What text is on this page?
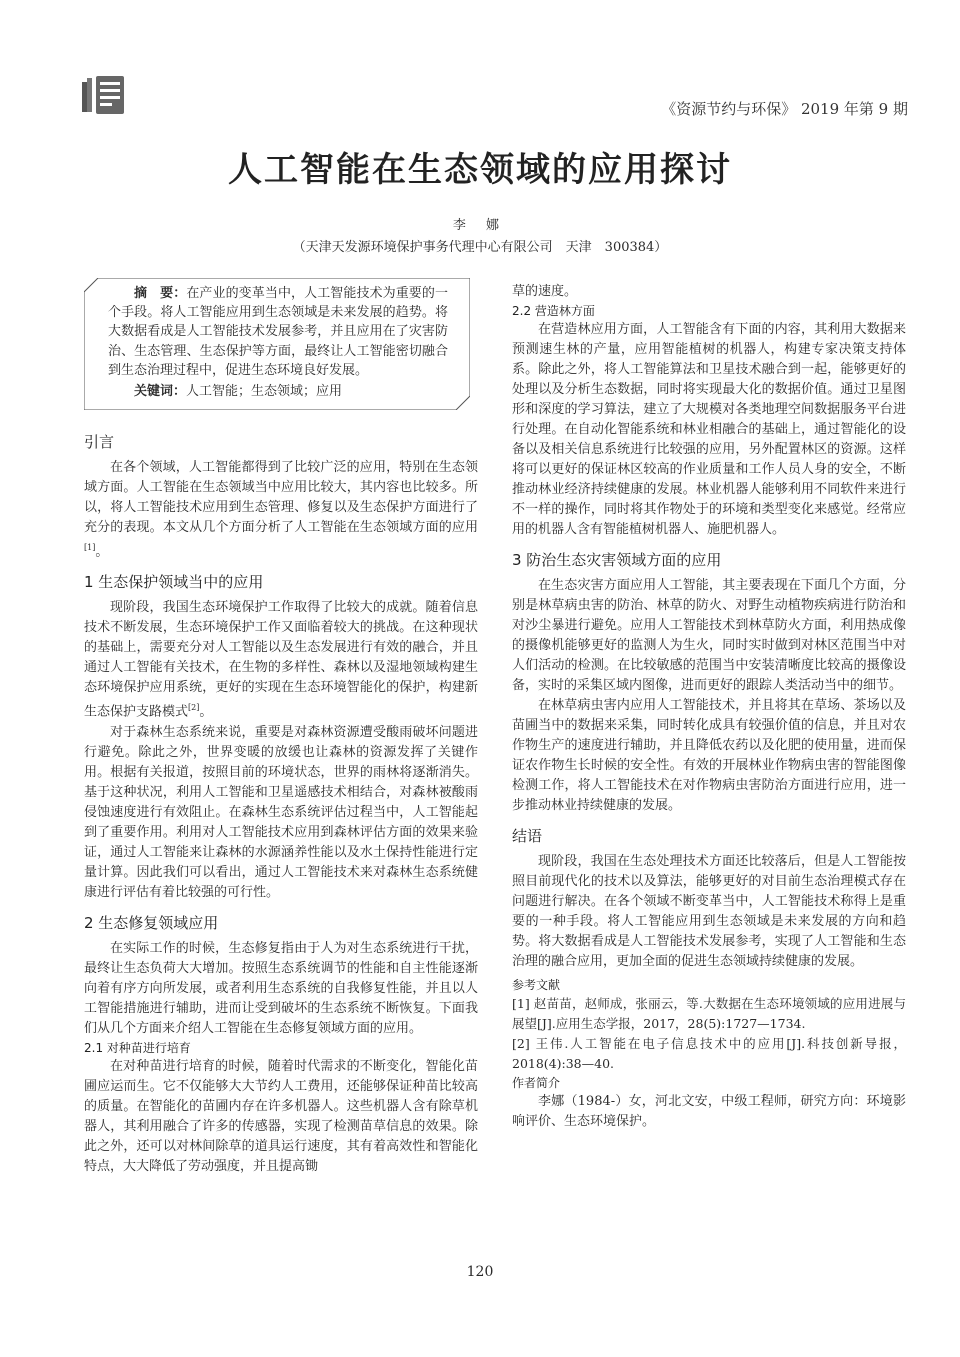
《资源节约与环保》 2019 年第 9 期
人工智能在生态领域的应用探讨
李 娜
（天津天发源环境保护事务代理中心有限公司　天津　300384）
摘　要：在产业的变革当中，人工智能技术为重要的一个手段。将人工智能应用到生态领域是未来发展的趋势。将大数据看成是人工智能技术发展参考，并且应用在了灾害防治、生态管理、生态保护等方面，最终让人工智能密切融合到生态治理过程中，促进生态环境良好发展。
关键词：人工智能；生态领域；应用
引言

在各个领域，人工智能都得到了比较广泛的应用，特别在生态领域方面。人工智能在生态领域当中应用比较大，其内容也比较多。所以，将人工智能技术应用到生态管理、修复以及生态保护方面进行了充分的表现。本文从几个方面分析了人工智能在生态领域方面的应用[1]。

1 生态保护领域当中的应用

现阶段，我国生态环境保护工作取得了比较大的成就。随着信息技术不断发展，生态环境保护工作又面临着较大的挑战。在这种现状的基础上，需要充分对人工智能以及生态发展进行有效的融合，并且通过人工智能有关技术，在生物的多样性、森林以及湿地领域构建生态环境保护应用系统，更好的实现在生态环境智能化的保护，构建新生态保护支路模式[2]。

对于森林生态系统来说，重要是对森林资源遭受酸雨破坏问题进行避免。除此之外，世界变暖的放缓也让森林的资源发挥了关键作用。根据有关报道，按照目前的环境状态，世界的雨林将逐渐消失。基于这种状况，利用人工智能和卫星遥感技术相结合，对森林被酸雨侵蚀速度进行有效阻止。在森林生态系统评估过程当中，人工智能起到了重要作用。利用对人工智能技术应用到森林评估方面的效果来验证，通过人工智能来让森林的水源涵养性能以及水土保持性能进行定量计算。因此我们可以看出，通过人工智能技术来对森林生态系统健康进行评估有着比较强的可行性。

2 生态修复领域应用

在实际工作的时候，生态修复指由于人为对生态系统进行干扰，最终让生态负荷大大增加。按照生态系统调节的性能和自主性能逐渐向着有序方向所发展，或者利用生态系统的自我修复性能，并且以人工智能措施进行辅助，进而让受到破坏的生态系统不断恢复。下面我们从几个方面来介绍人工智能在生态修复领域方面的应用。

2.1 对种苗进行培育

在对种苗进行培育的时候，随着时代需求的不断变化，智能化苗圃应运而生。它不仅能够大大节约人工费用，还能够保证种苗比较高的质量。在智能化的苗圃内存在许多机器人。这些机器人含有除草机器人，其利用融合了许多的传感器，实现了检测苗草信息的效果。除此之外，还可以对林间除草的道具运行速度，其有着高效性和智能化特点，大大降低了劳动强度，并且提高锄

草的速度。

2.2 营造林方面

在营造林应用方面，人工智能含有下面的内容，其利用大数据来预测速生林的产量，应用智能植树的机器人，构建专家决策支持体系。除此之外，将人工智能算法和卫星技术融合到一起，能够更好的处理以及分析生态数据，同时将实现最大化的数据价值。通过卫星图形和深度的学习算法，建立了大规模对各类地理空间数据服务平台进行处理。在自动化智能系统和林业相融合的基础上，通过智能化的设备以及相关信息系统进行比较强的应用，另外配置林区的资源。这样将可以更好的保证林区较高的作业质量和工作人员人身的安全，不断推动林业经济持续健康的发展。林业机器人能够利用不同软件来进行不一样的操作，同时将其作物处于的环境和类型变化来感觉。经常应用的机器人含有智能植树机器人、施肥机器人。

3 防治生态灾害领域方面的应用

在生态灾害方面应用人工智能，其主要表现在下面几个方面，分别是林草病虫害的防治、林草的防火、对野生动植物疾病进行防治和对沙尘暴进行避免。应用人工智能技术到林草防火方面，利用热成像的摄像机能够更好的监测人为生火，同时实时做到对林区范围当中对人们活动的检测。在比较敏感的范围当中安装清晰度比较高的摄像设备，实时的采集区域内图像，进而更好的跟踪人类活动当中的细节。

在林草病虫害内应用人工智能技术，并且将其在草场、茶场以及苗圃当中的数据来采集，同时转化成具有较强价值的信息，并且对农作物生产的速度进行辅助，并且降低农药以及化肥的使用量，进而保证农作物生长时候的安全性。有效的开展林业作物病虫害的智能图像检测工作，将人工智能技术在对作物病虫害防治方面进行应用，进一步推动林业持续健康的发展。

结语

现阶段，我国在生态处理技术方面还比较落后，但是人工智能按照目前现代化的技术以及算法，能够更好的对目前生态治理模式存在问题进行解决。在各个领域不断变革当中，人工智能技术称得上是重要的一种手段。将人工智能应用到生态领域是未来发展的方向和趋势。将大数据看成是人工智能技术发展参考，实现了人工智能和生态治理的融合应用，更加全面的促进生态领域持续健康的发展。

参考文献

[1] 赵苗苗，赵师成，张丽云，等.大数据在生态环境领域的应用进展与展望[J].应用生态学报，2017，28(5):1727—1734.

[2] 王伟.人工智能在电子信息技术中的应用[J].科技创新导报，2018(4):38—40.

作者简介

李娜（1984-）女，河北文安，中级工程师，研究方向：环境影响评价、生态环境保护。

120
